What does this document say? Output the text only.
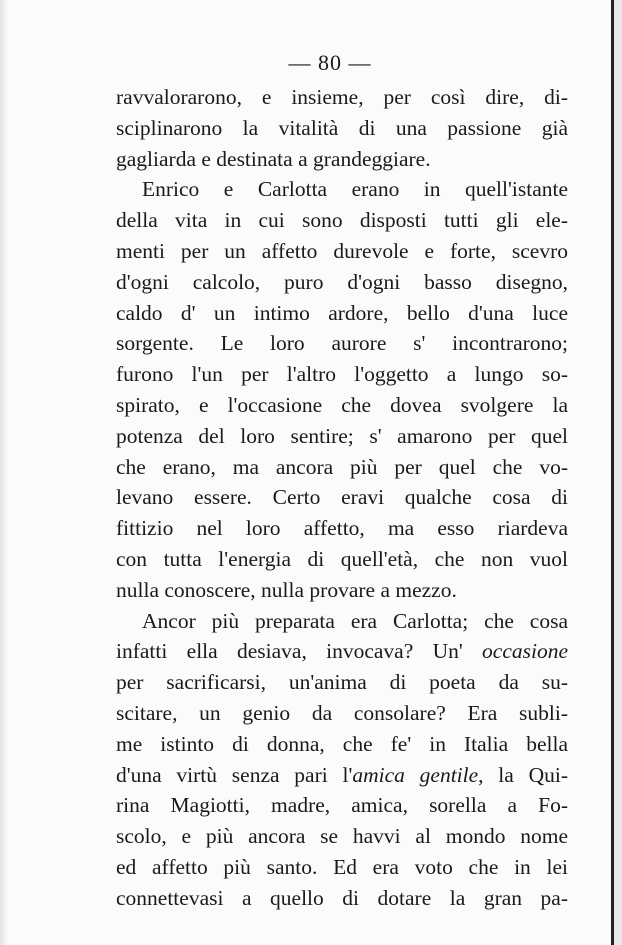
— 80 —
ravvalorarono, e insieme, per così dire, di-
sciplinarono la vitalità di una passione già
gagliarda e destinata a grandeggiare.
Enrico e Carlotta erano in quell'istante
della vita in cui sono disposti tutti gli ele-
menti per un affetto durevole e forte, scevro
d'ogni calcolo, puro d'ogni basso disegno,
caldo d' un intimo ardore, bello d'una luce
sorgente. Le loro aurore s' incontrarono;
furono l'un per l'altro l'oggetto a lungo so-
spirato, e l'occasione che dovea svolgere la
potenza del loro sentire; s' amarono per quel
che erano, ma ancora più per quel che vo-
levano essere. Certo eravi qualche cosa di
fittizio nel loro affetto, ma esso riardeva
con tutta l'energia di quell'età, che non vuol
nulla conoscere, nulla provare a mezzo.
Ancor più preparata era Carlotta; che cosa
infatti ella desiava, invocava? Un' occasione
per sacrificarsi, un'anima di poeta da su-
scitare, un genio da consolare? Era subli-
me istinto di donna, che fe' in Italia bella
d'una virtù senza pari l'amica gentile, la Qui-
rina Magiotti, madre, amica, sorella a Fo-
scolo, e più ancora se havvi al mondo nome
ed affetto più santo. Ed era voto che in lei
connettevasi a quello di dotare la gran pa-
